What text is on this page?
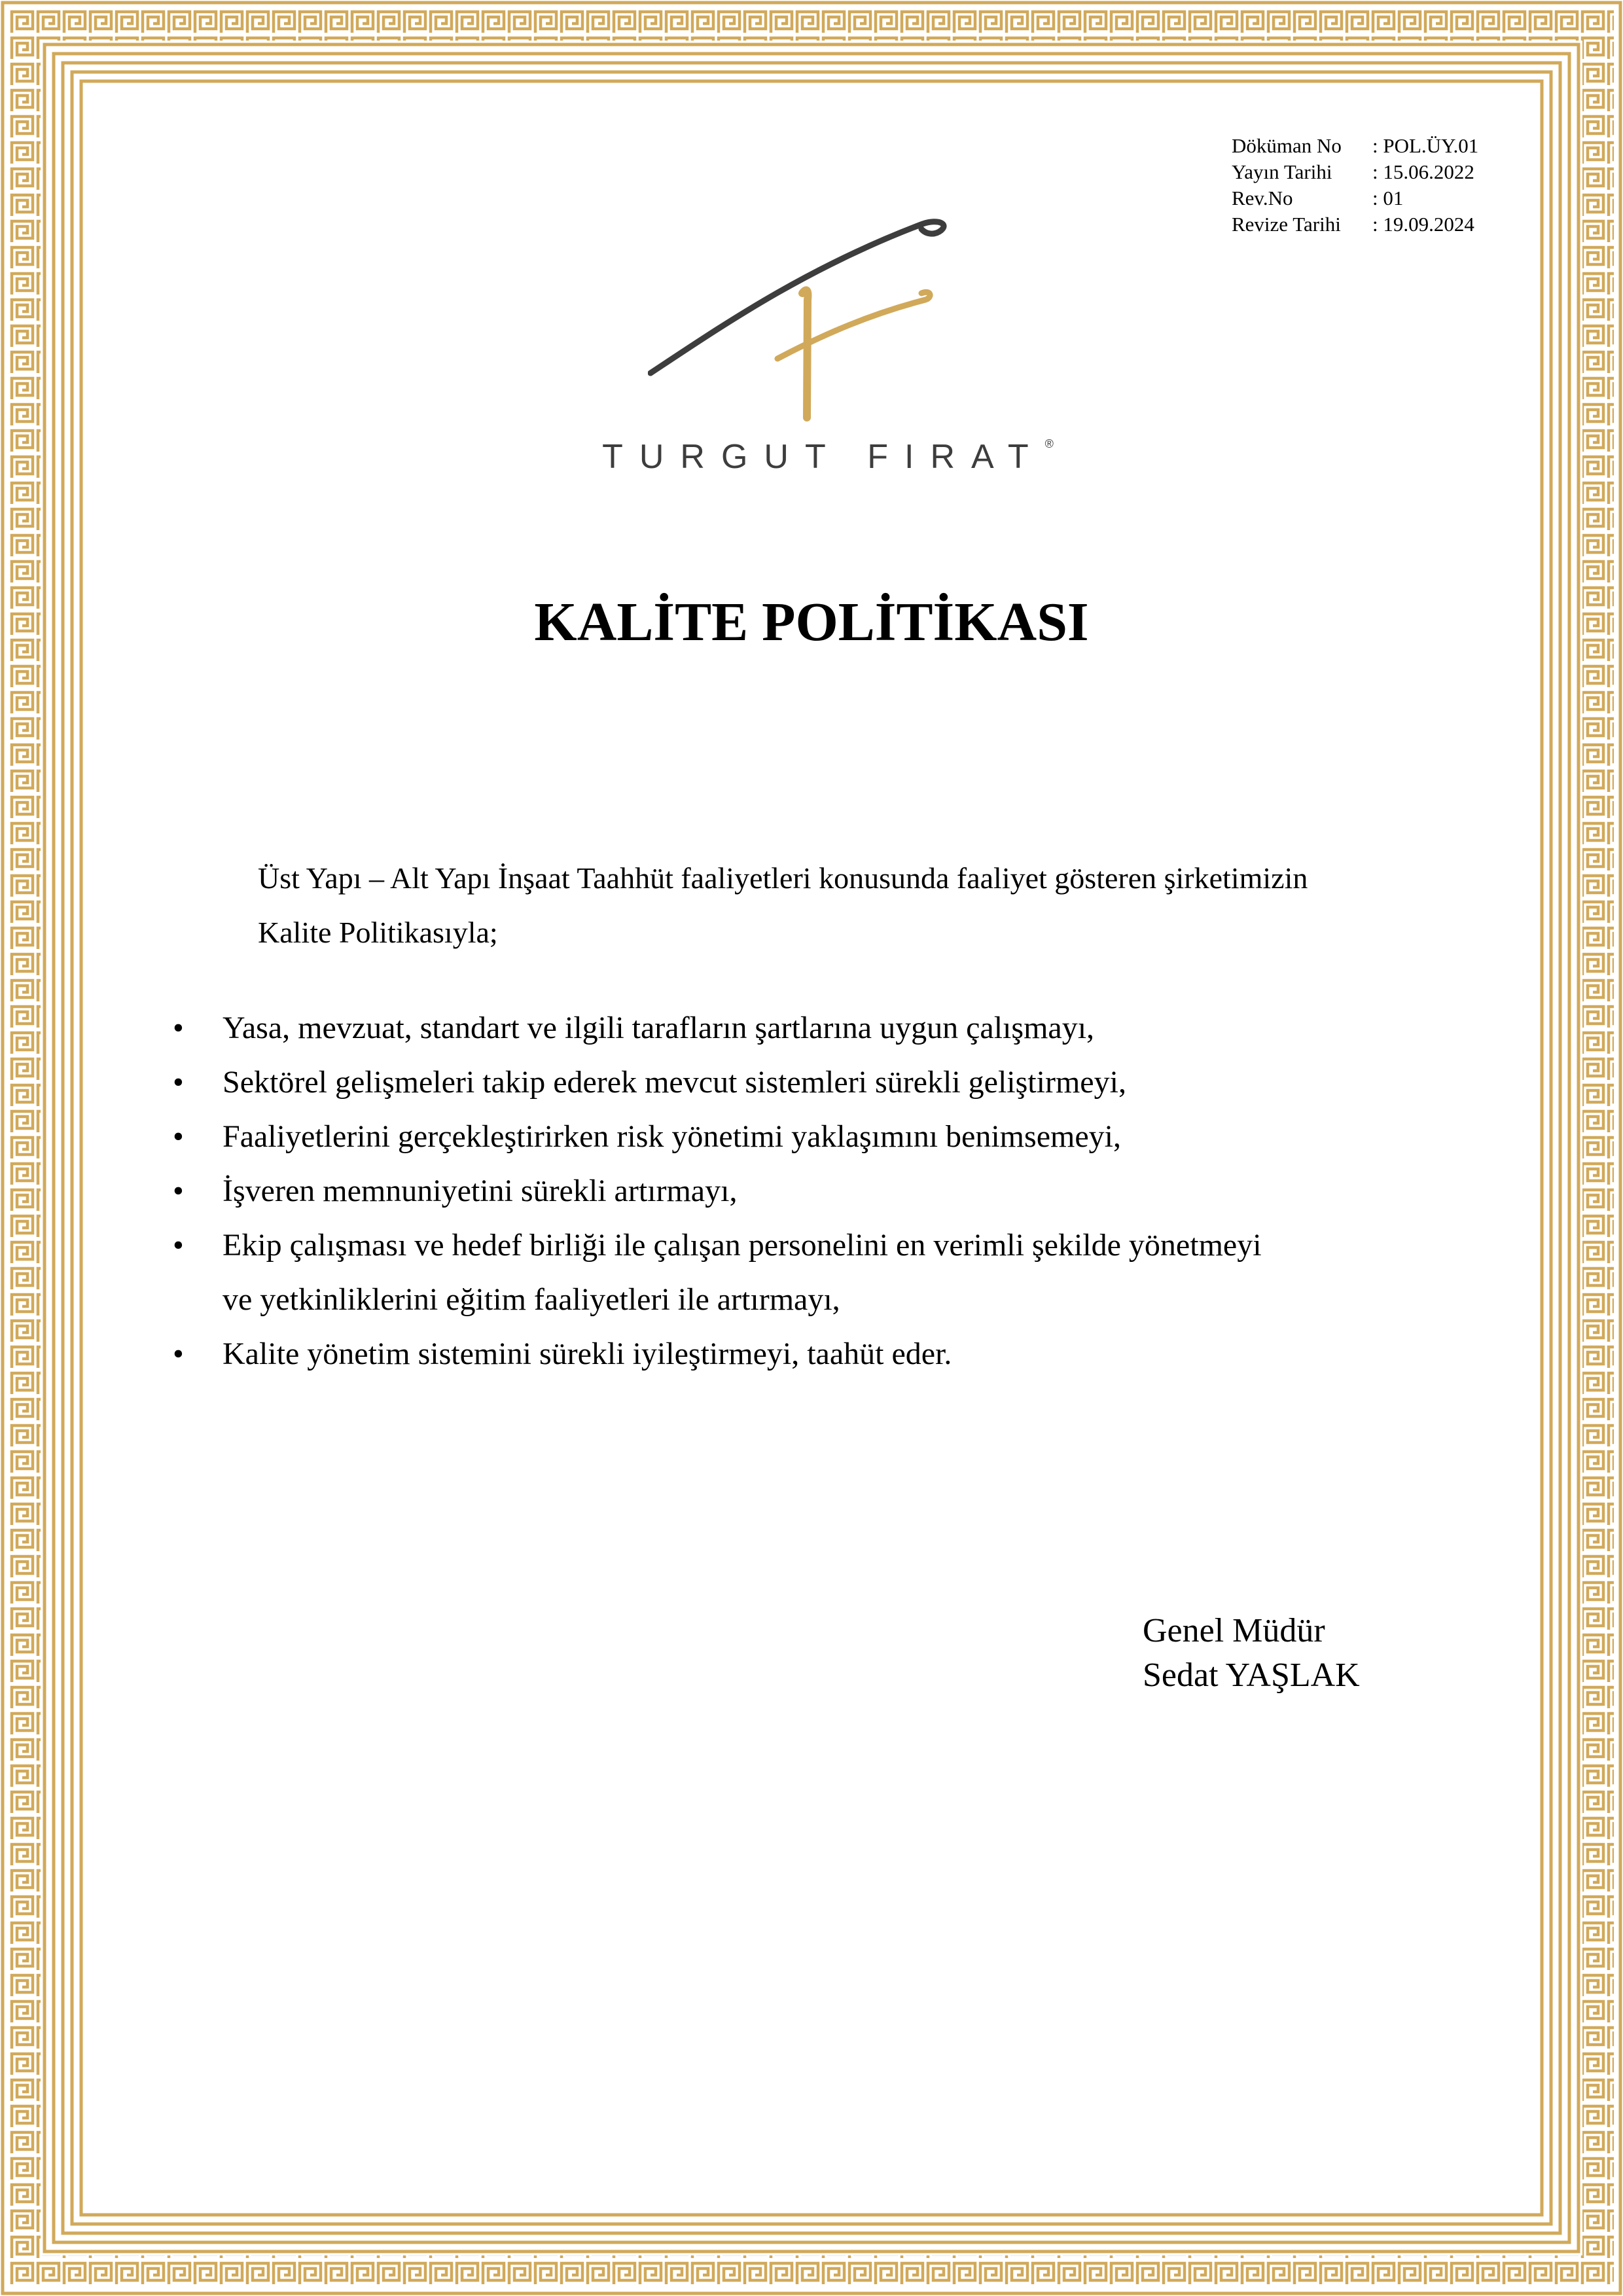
Döküman No	: POL.ÜY.01
Yayın Tarihi	: 15.06.2022
Rev.No	: 01
Revize Tarihi	: 19.09.2024
TURGUT FIRAT®
KALİTE POLİTİKASI
Üst Yapı – Alt Yapı İnşaat Taahhüt faaliyetleri konusunda faaliyet gösteren şirketimizin
Kalite Politikasıyla;
• Yasa, mevzuat, standart ve ilgili tarafların şartlarına uygun çalışmayı,
• Sektörel gelişmeleri takip ederek mevcut sistemleri sürekli geliştirmeyi,
• Faaliyetlerini gerçekleştirirken risk yönetimi yaklaşımını benimsemeyi,
• İşveren memnuniyetini sürekli artırmayı,
• Ekip çalışması ve hedef birliği ile çalışan personelini en verimli şekilde yönetmeyi
ve yetkinliklerini eğitim faaliyetleri ile artırmayı,
• Kalite yönetim sistemini sürekli iyileştirmeyi, taahüt eder.
Genel Müdür
Sedat YAŞLAK
